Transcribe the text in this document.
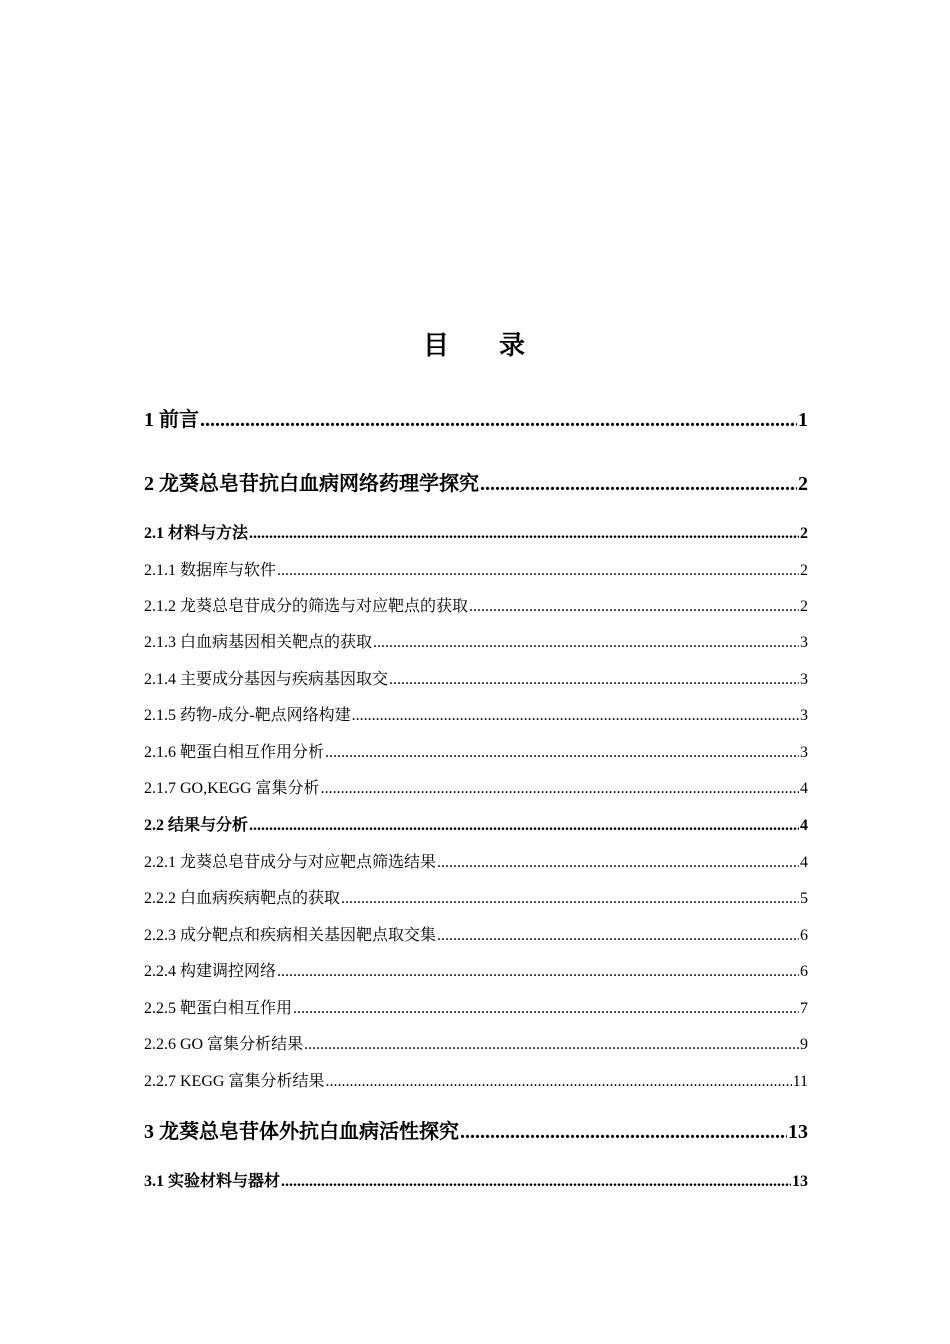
目 录
1 前言 .....	1
2 龙葵总皂苷抗白血病网络药理学探究 .....	2
2.1 材料与方法 .....	2
2.1.1 数据库与软件 .....	2
2.1.2 龙葵总皂苷成分的筛选与对应靶点的获取 .....	2
2.1.3 白血病基因相关靶点的获取 .....	3
2.1.4 主要成分基因与疾病基因取交 .....	3
2.1.5 药物-成分-靶点网络构建 .....	3
2.1.6 靶蛋白相互作用分析 .....	3
2.1.7 GO,KEGG 富集分析 .....	4
2.2 结果与分析 .....	4
2.2.1 龙葵总皂苷成分与对应靶点筛选结果 .....	4
2.2.2 白血病疾病靶点的获取 .....	5
2.2.3 成分靶点和疾病相关基因靶点取交集 .....	6
2.2.4 构建调控网络 .....	6
2.2.5 靶蛋白相互作用 .....	7
2.2.6 GO 富集分析结果 .....	9
2.2.7 KEGG 富集分析结果 .....	11
3 龙葵总皂苷体外抗白血病活性探究 .....	13
3.1 实验材料与器材 .....	13
